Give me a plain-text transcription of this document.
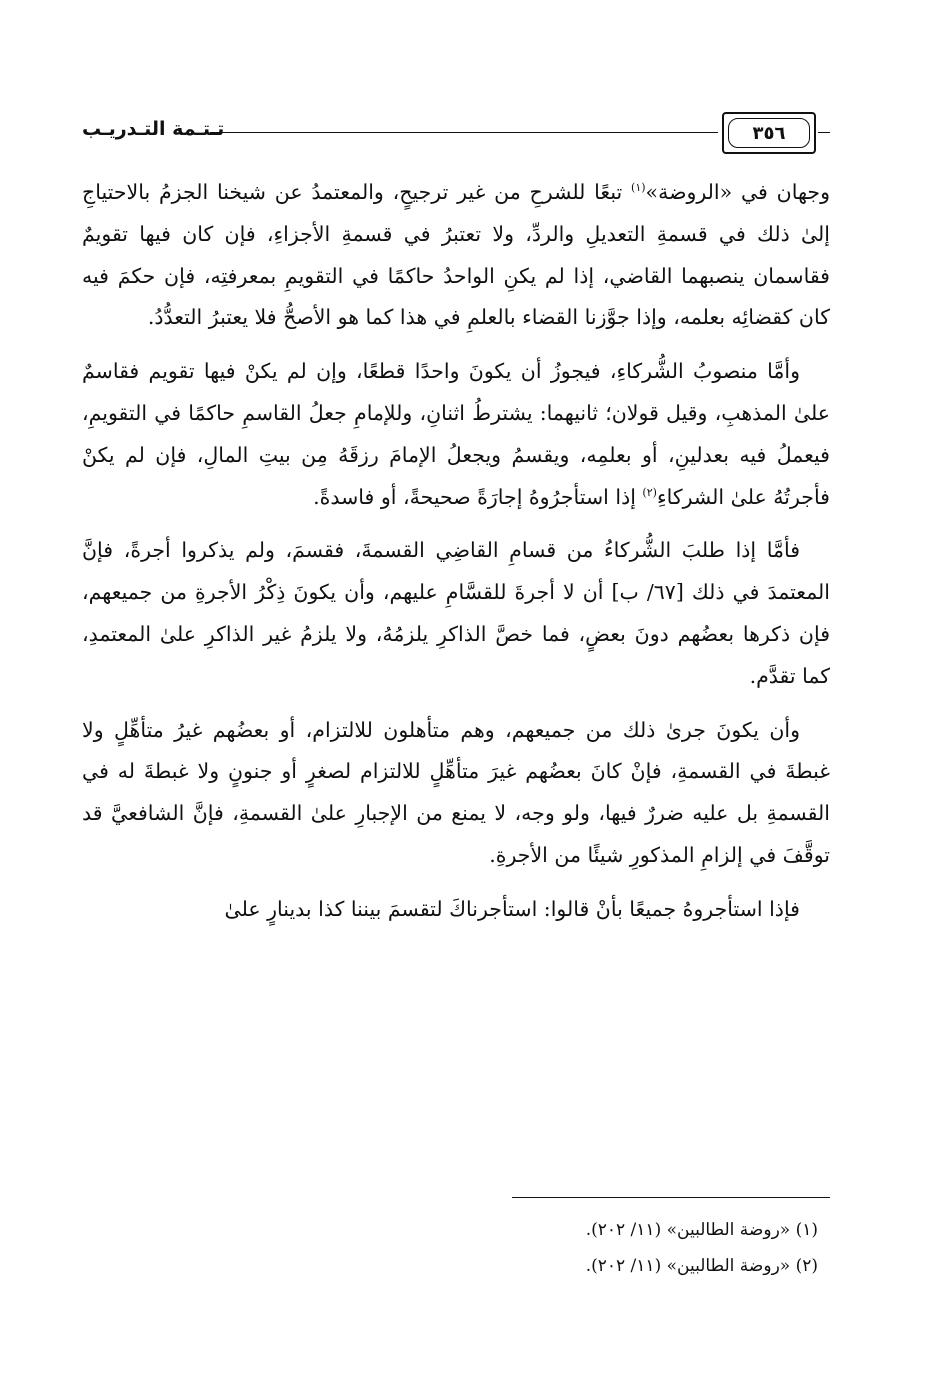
تـتـمة التـدريـب	٣٥٦

وجهان في «الروضة»$^{(١)}$ تبعًا للشرحِ من غير ترجيحٍ، والمعتمدُ عن شيخنا الجزمُ بالاحتياجِ إلىٰ ذلك في قسمةِ التعديلِ والردِّ، ولا تعتبرُ في قسمةِ الأجزاءِ، فإن كان فيها تقويمٌ فقاسمان ينصبهما القاضي، إذا لم يكنِ الواحدُ حاكمًا في التقويمِ بمعرفتِه، فإن حكمَ فيه كان كقضائِه بعلمه، وإذا جوَّزنا القضاء بالعلمِ في هذا كما هو الأصحُّ فلا يعتبرُ التعدُّدُ.

وأمَّا منصوبُ الشُّركاءِ، فيجوزُ أن يكونَ واحدًا قطعًا، وإن لم يكنْ فيها تقويم فقاسمٌ علىٰ المذهبِ، وقيل قولان؛ ثانيهما: يشترطُ اثنانِ، وللإمامِ جعلُ القاسمِ حاكمًا في التقويمِ، فيعملُ فيه بعدلينِ، أو بعلمِه، ويقسمُ ويجعلُ الإمامَ رزقَهُ مِن بيتِ المالِ، فإن لم يكنْ فأجرتُهُ علىٰ الشركاءِ$^{(٢)}$ إذا استأجرُوهُ إجارَةً صحيحةً، أو فاسدةً.

فأمَّا إذا طلبَ الشُّركاءُ من قسامِ القاضِي القسمةَ، فقسمَ، ولم يذكروا أجرةً، فإنَّ المعتمدَ في ذلك [٦٧/ ب] أن لا أجرةَ للقسَّامِ عليهم، وأن يكونَ ذِكْرُ الأجرةِ من جميعهم، فإن ذكرها بعضُهم دونَ بعضٍ، فما خصَّ الذاكرِ يلزمُهُ، ولا يلزمُ غير الذاكرِ علىٰ المعتمدِ، كما تقدَّم.

وأن يكونَ جرىٰ ذلك من جميعهم، وهم متأهلون للالتزام، أو بعضُهم غيرُ متأهِّلٍ ولا غبطةَ في القسمةِ، فإنْ كانَ بعضُهم غيرَ متأهِّلٍ للالتزام لصغرٍ أو جنونٍ ولا غبطةَ له في القسمةِ بل عليه ضررٌ فيها، ولو وجه، لا يمنع من الإجبارِ علىٰ القسمةِ، فإنَّ الشافعيَّ قد توقَّفَ في إلزامِ المذكورِ شيئًا من الأجرةِ.

فإذا استأجروهُ جميعًا بأنْ قالوا: استأجرناكَ لتقسمَ بيننا كذا بدينارٍ علىٰ

(١) «روضة الطالبين» (١١/ ٢٠٢).
(٢) «روضة الطالبين» (١١/ ٢٠٢).
